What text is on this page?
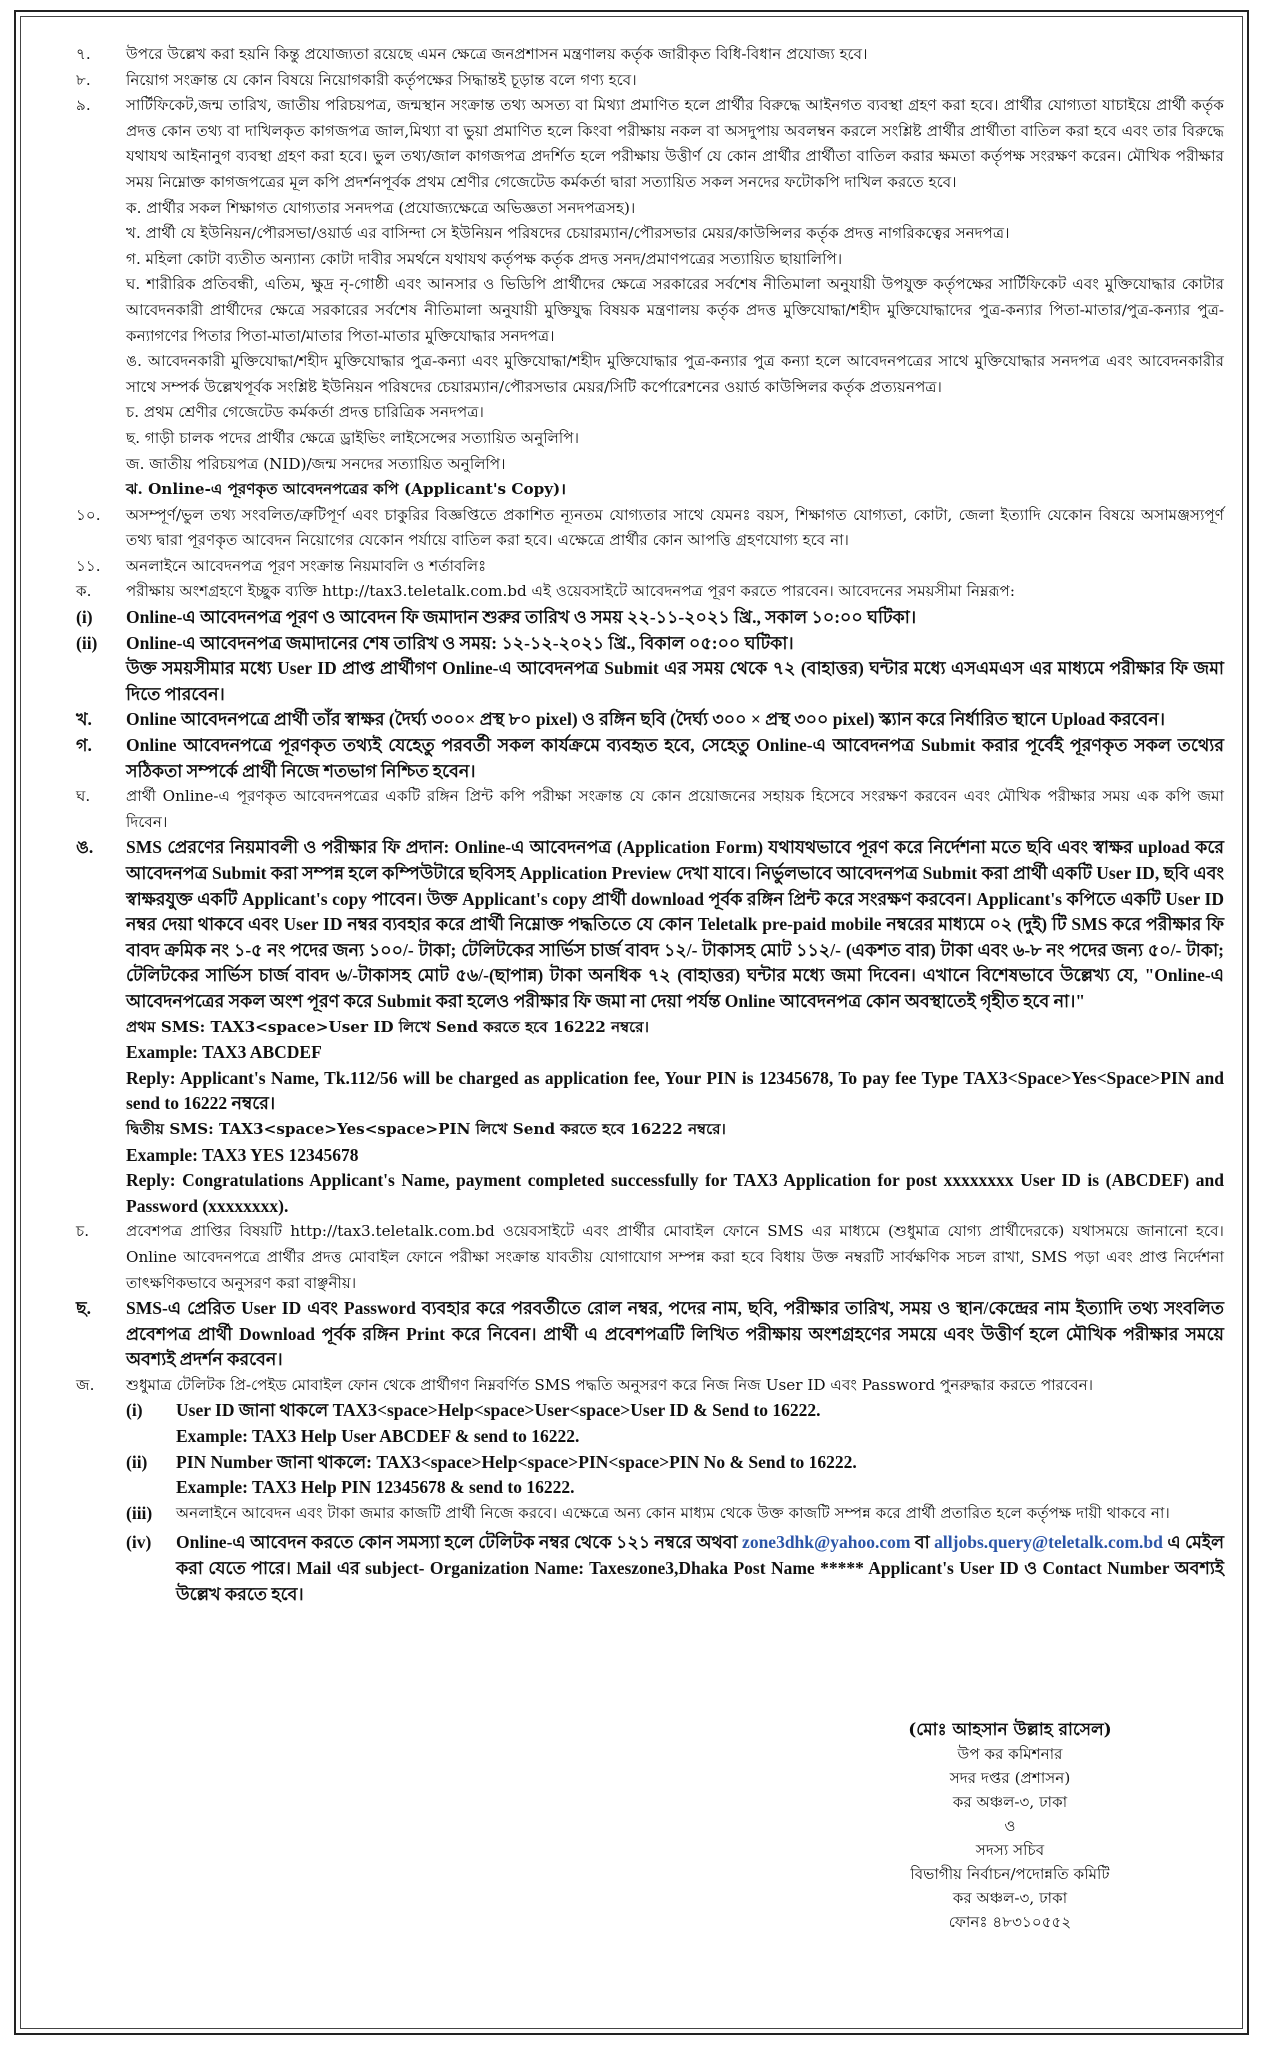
৭.	উপরে উল্লেখ করা হয়নি কিন্তু প্রযোজ্যতা রয়েছে এমন ক্ষেত্রে জনপ্রশাসন মন্ত্রণালয় কর্তৃক জারীকৃত বিধি-বিধান প্রযোজ্য হবে।
৮.	নিয়োগ সংক্রান্ত যে কোন বিষয়ে নিয়োগকারী কর্তৃপক্ষের সিদ্ধান্তই চূড়ান্ত বলে গণ্য হবে।
৯.	সার্টিফিকেট,জন্ম তারিখ, জাতীয় পরিচয়পত্র, জন্মস্থান সংক্রান্ত তথ্য অসত্য বা মিথ্যা প্রমাণিত হলে প্রার্থীর বিরুদ্ধে আইনগত ব্যবস্থা গ্রহণ করা হবে। প্রার্থীর যোগ্যতা যাচাইয়ে প্রার্থী কর্তৃক প্রদত্ত কোন তথ্য বা দাখিলকৃত কাগজপত্র জাল,মিথ্যা বা ভুয়া প্রমাণিত হলে কিংবা পরীক্ষায় নকল বা অসদুপায় অবলম্বন করলে সংশ্লিষ্ট প্রার্থীর প্রার্থীতা বাতিল করা হবে এবং তার বিরুদ্ধে যথাযথ আইনানুগ ব্যবস্থা গ্রহণ করা হবে। ভুল তথ্য/জাল কাগজপত্র প্রদর্শিত হলে পরীক্ষায় উত্তীর্ণ যে কোন প্রার্থীর প্রার্থীতা বাতিল করার ক্ষমতা কর্তৃপক্ষ সংরক্ষণ করেন। মৌখিক পরীক্ষার সময় নিম্নোক্ত কাগজপত্রের মূল কপি প্রদর্শনপূর্বক প্রথম শ্রেণীর গেজেটেড কর্মকর্তা দ্বারা সত্যায়িত সকল সনদের ফটোকপি দাখিল করতে হবে।
ক. প্রার্থীর সকল শিক্ষাগত যোগ্যতার সনদপত্র (প্রযোজ্যক্ষেত্রে অভিজ্ঞতা সনদপত্রসহ)।
খ. প্রার্থী যে ইউনিয়ন/পৌরসভা/ওয়ার্ড এর বাসিন্দা সে ইউনিয়ন পরিষদের চেয়ারম্যান/পৌরসভার মেয়র/কাউন্সিলর কর্তৃক প্রদত্ত নাগরিকত্বের সনদপত্র।
গ. মহিলা কোটা ব্যতীত অন্যান্য কোটা দাবীর সমর্থনে যথাযথ কর্তৃপক্ষ কর্তৃক প্রদত্ত সনদ/প্রমাণপত্রের সত্যায়িত ছায়ালিপি।
ঘ. শারীরিক প্রতিবন্ধী, এতিম, ক্ষুদ্র নৃ-গোষ্ঠী এবং আনসার ও ভিডিপি প্রার্থীদের ক্ষেত্রে সরকারের সর্বশেষ নীতিমালা অনুযায়ী উপযুক্ত কর্তৃপক্ষের সার্টিফিকেট এবং মুক্তিযোদ্ধার কোটার আবেদনকারী প্রার্থীদের ক্ষেত্রে সরকারের সর্বশেষ নীতিমালা অনুযায়ী মুক্তিযুদ্ধ বিষয়ক মন্ত্রণালয় কর্তৃক প্রদত্ত মুক্তিযোদ্ধা/শহীদ মুক্তিযোদ্ধাদের পুত্র-কন্যার পিতা-মাতার/পুত্র-কন্যার পুত্র-কন্যাগণের পিতার পিতা-মাতা/মাতার পিতা-মাতার মুক্তিযোদ্ধার সনদপত্র।
ঙ. আবেদনকারী মুক্তিযোদ্ধা/শহীদ মুক্তিযোদ্ধার পুত্র-কন্যা এবং মুক্তিযোদ্ধা/শহীদ মুক্তিযোদ্ধার পুত্র-কন্যার পুত্র কন্যা হলে আবেদনপত্রের সাথে মুক্তিযোদ্ধার সনদপত্র এবং আবেদনকারীর সাথে সম্পর্ক উল্লেখপূর্বক সংশ্লিষ্ট ইউনিয়ন পরিষদের চেয়ারম্যান/পৌরসভার মেয়র/সিটি কর্পোরেশনের ওয়ার্ড কাউন্সিলর কর্তৃক প্রত্যয়নপত্র।
চ. প্রথম শ্রেণীর গেজেটেড কর্মকর্তা প্রদত্ত চারিত্রিক সনদপত্র।
ছ. গাড়ী চালক পদের প্রার্থীর ক্ষেত্রে ড্রাইভিং লাইসেন্সের সত্যায়িত অনুলিপি।
জ. জাতীয় পরিচয়পত্র (NID)/জন্ম সনদের সত্যায়িত অনুলিপি।
ঝ. Online-এ পূরণকৃত আবেদনপত্রের কপি (Applicant's Copy)।
১০.	অসম্পূর্ণ/ভুল তথ্য সংবলিত/ত্রুটিপূর্ণ এবং চাকুরির বিজ্ঞপ্তিতে প্রকাশিত ন্যূনতম যোগ্যতার সাথে যেমনঃ বয়স, শিক্ষাগত যোগ্যতা, কোটা, জেলা ইত্যাদি যেকোন বিষয়ে অসামঞ্জস্যপূর্ণ তথ্য দ্বারা পূরণকৃত আবেদন নিয়োগের যেকোন পর্যায়ে বাতিল করা হবে। এক্ষেত্রে প্রার্থীর কোন আপত্তি গ্রহণযোগ্য হবে না।
১১.	অনলাইনে আবেদনপত্র পূরণ সংক্রান্ত নিয়মাবলি ও শর্তাবলিঃ
ক.	পরীক্ষায় অংশগ্রহণে ইচ্ছুক ব্যক্তি http://tax3.teletalk.com.bd এই ওয়েবসাইটে আবেদনপত্র পূরণ করতে পারবেন। আবেদনের সময়সীমা নিম্নরূপ:
(i)	Online-এ আবেদনপত্র পূরণ ও আবেদন ফি জমাদান শুরুর তারিখ ও সময় ২২-১১-২০২১ খ্রি., সকাল ১০:০০ ঘটিকা।
(ii)	Online-এ আবেদনপত্র জমাদানের শেষ তারিখ ও সময়: ১২-১২-২০২১ খ্রি., বিকাল ০৫:০০ ঘটিকা।
উক্ত সময়সীমার মধ্যে User ID প্রাপ্ত প্রার্থীগণ Online-এ আবেদনপত্র Submit এর সময় থেকে ৭২ (বাহাত্তর) ঘন্টার মধ্যে এসএমএস এর মাধ্যমে পরীক্ষার ফি জমা দিতে পারবেন।
খ.	Online আবেদনপত্রে প্রার্থী তাঁর স্বাক্ষর (দৈর্ঘ্য ৩০০× প্রস্থ ৮০ pixel) ও রঙ্গিন ছবি (দৈর্ঘ্য ৩০০ × প্রস্থ ৩০০ pixel) স্ক্যান করে নির্ধারিত স্থানে Upload করবেন।
গ.	Online আবেদনপত্রে পূরণকৃত তথ্যই যেহেতু পরবর্তী সকল কার্যক্রমে ব্যবহৃত হবে, সেহেতু Online-এ আবেদনপত্র Submit করার পূর্বেই পূরণকৃত সকল তথ্যের সঠিকতা সম্পর্কে প্রার্থী নিজে শতভাগ নিশ্চিত হবেন।
ঘ.	প্রার্থী Online-এ পূরণকৃত আবেদনপত্রের একটি রঙ্গিন প্রিন্ট কপি পরীক্ষা সংক্রান্ত যে কোন প্রয়োজনের সহায়ক হিসেবে সংরক্ষণ করবেন এবং মৌখিক পরীক্ষার সময় এক কপি জমা দিবেন।
ঙ.	SMS প্রেরণের নিয়মাবলী ও পরীক্ষার ফি প্রদান: Online-এ আবেদনপত্র (Application Form) যথাযথভাবে পূরণ করে নির্দেশনা মতে ছবি এবং স্বাক্ষর upload করে আবেদনপত্র Submit করা সম্পন্ন হলে কম্পিউটারে ছবিসহ Application Preview দেখা যাবে। নির্ভুলভাবে আবেদনপত্র Submit করা প্রার্থী একটি User ID, ছবি এবং স্বাক্ষরযুক্ত একটি Applicant's copy পাবেন। উক্ত Applicant's copy প্রার্থী download পূর্বক রঙ্গিন প্রিন্ট করে সংরক্ষণ করবেন। Applicant's কপিতে একটি User ID নম্বর দেয়া থাকবে এবং User ID নম্বর ব্যবহার করে প্রার্থী নিম্নোক্ত পদ্ধতিতে যে কোন Teletalk pre-paid mobile নম্বরের মাধ্যমে ০২ (দুই) টি SMS করে পরীক্ষার ফি বাবদ ক্রমিক নং ১-৫ নং পদের জন্য ১০০/- টাকা; টেলিটকের সার্ভিস চার্জ বাবদ ১২/- টাকাসহ মোট ১১২/- (একশত বার) টাকা এবং ৬-৮ নং পদের জন্য ৫০/- টাকা; টেলিটকের সার্ভিস চার্জ বাবদ ৬/-টাকাসহ মোট ৫৬/-(ছাপান্ন) টাকা অনধিক ৭২ (বাহাত্তর) ঘন্টার মধ্যে জমা দিবেন। এখানে বিশেষভাবে উল্লেখ্য যে, "Online-এ আবেদনপত্রের সকল অংশ পূরণ করে Submit করা হলেও পরীক্ষার ফি জমা না দেয়া পর্যন্ত Online আবেদনপত্র কোন অবস্থাতেই গৃহীত হবে না।"
প্রথম SMS: TAX3<space>User ID লিখে Send করতে হবে 16222 নম্বরে।
Example: TAX3 ABCDEF
Reply: Applicant's Name, Tk.112/56 will be charged as application fee, Your PIN is 12345678, To pay fee Type TAX3<Space>Yes<Space>PIN and send to 16222 নম্বরে।
দ্বিতীয় SMS: TAX3<space>Yes<space>PIN লিখে Send করতে হবে 16222 নম্বরে।
Example: TAX3 YES 12345678
Reply: Congratulations Applicant's Name, payment completed successfully for TAX3 Application for post xxxxxxxx User ID is (ABCDEF) and Password (xxxxxxxx).
চ.	প্রবেশপত্র প্রাপ্তির বিষয়টি http://tax3.teletalk.com.bd ওয়েবসাইটে এবং প্রার্থীর মোবাইল ফোনে SMS এর মাধ্যমে (শুধুমাত্র যোগ্য প্রার্থীদেরকে) যথাসময়ে জানানো হবে। Online আবেদনপত্রে প্রার্থীর প্রদত্ত মোবাইল ফোনে পরীক্ষা সংক্রান্ত যাবতীয় যোগাযোগ সম্পন্ন করা হবে বিধায় উক্ত নম্বরটি সার্বক্ষণিক সচল রাখা, SMS পড়া এবং প্রাপ্ত নির্দেশনা তাৎক্ষণিকভাবে অনুসরণ করা বাঞ্ছনীয়।
ছ.	SMS-এ প্রেরিত User ID এবং Password ব্যবহার করে পরবর্তীতে রোল নম্বর, পদের নাম, ছবি, পরীক্ষার তারিখ, সময় ও স্থান/কেন্দ্রের নাম ইত্যাদি তথ্য সংবলিত প্রবেশপত্র প্রার্থী Download পূর্বক রঙ্গিন Print করে নিবেন। প্রার্থী এ প্রবেশপত্রটি লিখিত পরীক্ষায় অংশগ্রহণের সময়ে এবং উত্তীর্ণ হলে মৌখিক পরীক্ষার সময়ে অবশ্যই প্রদর্শন করবেন।
জ.	শুধুমাত্র টেলিটক প্রি-পেইড মোবাইল ফোন থেকে প্রার্থীগণ নিম্নবর্ণিত SMS পদ্ধতি অনুসরণ করে নিজ নিজ User ID এবং Password পুনরুদ্ধার করতে পারবেন।
(i)	User ID জানা থাকলে TAX3<space>Help<space>User<space>User ID & Send to 16222.
Example: TAX3 Help User ABCDEF & send to 16222.
(ii)	PIN Number জানা থাকলে: TAX3<space>Help<space>PIN<space>PIN No & Send to 16222.
Example: TAX3 Help PIN 12345678 & send to 16222.
(iii)	অনলাইনে আবেদন এবং টাকা জমার কাজটি প্রার্থী নিজে করবে। এক্ষেত্রে অন্য কোন মাধ্যম থেকে উক্ত কাজটি সম্পন্ন করে প্রার্থী প্রতারিত হলে কর্তৃপক্ষ দায়ী থাকবে না।
(iv)	Online-এ আবেদন করতে কোন সমস্যা হলে টেলিটক নম্বর থেকে ১২১ নম্বরে অথবা zone3dhk@yahoo.com বা alljobs.query@teletalk.com.bd এ মেইল করা যেতে পারে। Mail এর subject- Organization Name: Taxeszone3,Dhaka Post Name ***** Applicant's User ID ও Contact Number অবশ্যই উল্লেখ করতে হবে।
(মোঃ আহসান উল্লাহ রাসেল)
উপ কর কমিশনার
সদর দপ্তর (প্রশাসন)
কর অঞ্চল-৩, ঢাকা
ও
সদস্য সচিব
বিভাগীয় নির্বাচন/পদোন্নতি কমিটি
কর অঞ্চল-৩, ঢাকা
ফোনঃ ৪৮৩১০৫৫২
